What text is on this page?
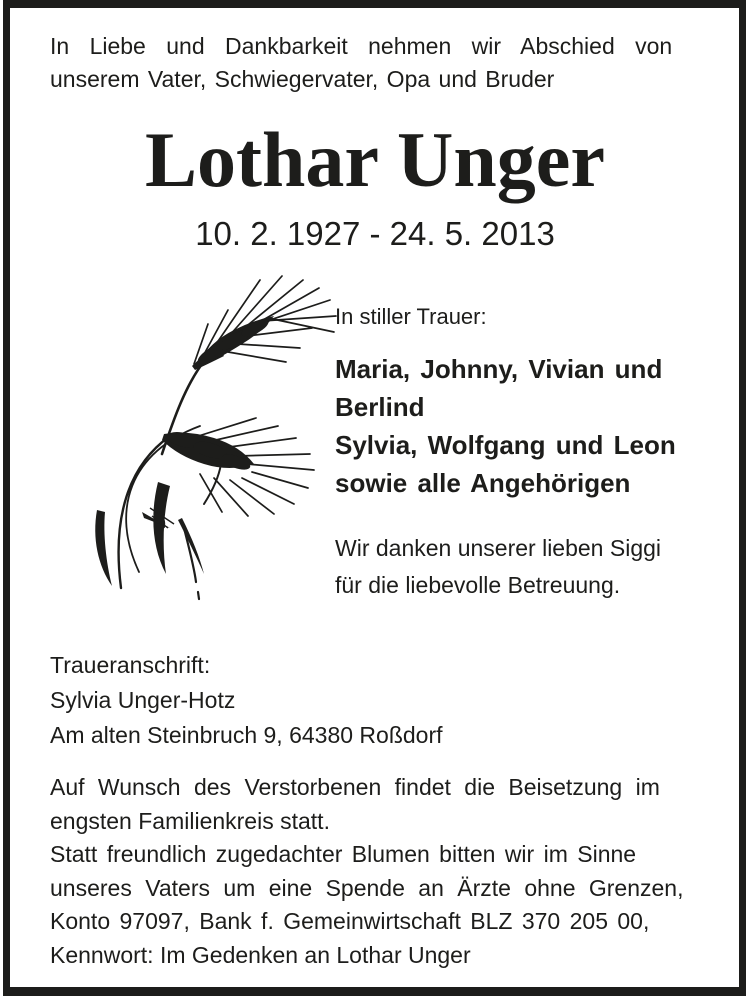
In Liebe und Dankbarkeit nehmen wir Abschied von
unserem Vater, Schwiegervater, Opa und Bruder
Lothar Unger
10. 2. 1927 - 24. 5. 2013
In stiller Trauer:
Maria, Johnny, Vivian und
Berlind
Sylvia, Wolfgang und Leon
sowie alle Angehörigen
Wir danken unserer lieben Siggi
für die liebevolle Betreuung.
Traueranschrift:
Sylvia Unger-Hotz
Am alten Steinbruch 9, 64380 Roßdorf
Auf Wunsch des Verstorbenen findet die Beisetzung im
engsten Familienkreis statt.
Statt freundlich zugedachter Blumen bitten wir im Sinne
unseres Vaters um eine Spende an Ärzte ohne Grenzen,
Konto 97097, Bank f. Gemeinwirtschaft BLZ 370 205 00,
Kennwort: Im Gedenken an Lothar Unger
